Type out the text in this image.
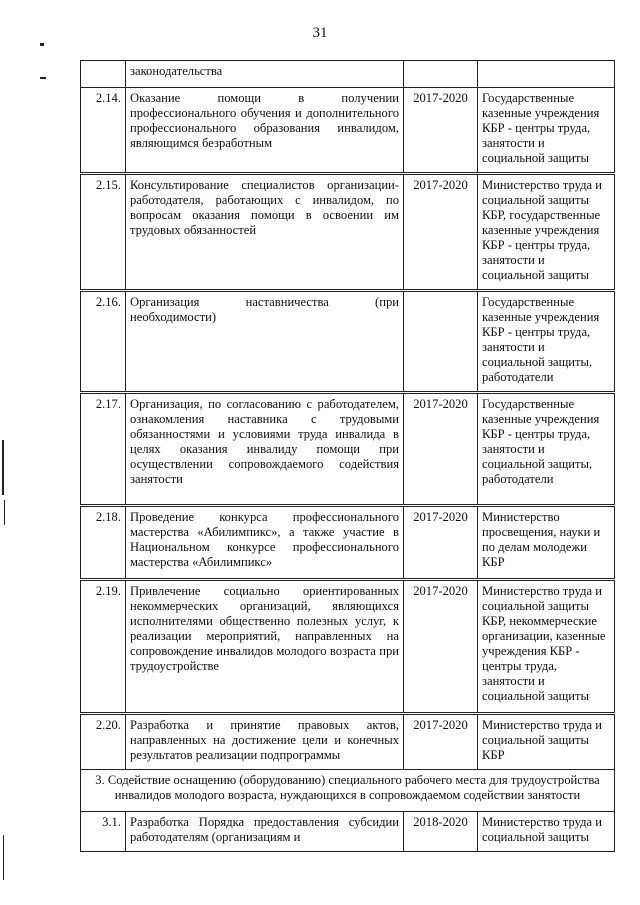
31
	законодательства		
2.14.	Оказание помощи в получении профессионального обучения и дополнительного профессионального образования инвалидом, являющимся безработным	2017-2020	Государственные казенные учреждения КБР - центры труда, занятости и социальной защиты
2.15.	Консультирование специалистов организации-работодателя, работающих с инвалидом, по вопросам оказания помощи в освоении им трудовых обязанностей	2017-2020	Министерство труда и социальной защиты КБР, государственные казенные учреждения КБР - центры труда, занятости и социальной защиты
2.16.	Организация наставничества (при необходимости)		Государственные казенные учреждения КБР - центры труда, занятости и социальной защиты, работодатели
2.17.	Организация, по согласованию с работодателем, ознакомления наставника с трудовыми обязанностями и условиями труда инвалида в целях оказания инвалиду помощи при осуществлении сопровождаемого содействия занятости	2017-2020	Государственные казенные учреждения КБР - центры труда, занятости и социальной защиты, работодатели
2.18.	Проведение конкурса профессионального мастерства «Абилимпикс», а также участие в Национальном конкурсе профессионального мастерства «Абилимпикс»	2017-2020	Министерство просвещения, науки и по делам молодежи КБР
2.19.	Привлечение социально ориентированных некоммерческих организаций, являющихся исполнителями общественно полезных услуг, к реализации мероприятий, направленных на сопровождение инвалидов молодого возраста при трудоустройстве	2017-2020	Министерство труда и социальной защиты КБР, некоммерческие организации, казенные учреждения КБР - центры труда, занятости и социальной защиты
2.20.	Разработка и принятие правовых актов, направленных на достижение цели и конечных результатов реализации подпрограммы	2017-2020	Министерство труда и социальной защиты КБР
3. Содействие оснащению (оборудованию) специального рабочего места для трудоустройства инвалидов молодого возраста, нуждающихся в сопровождаемом содействии занятости			
3.1.	Разработка Порядка предоставления субсидии работодателям (организациям и	2018-2020	Министерство труда и социальной защиты
